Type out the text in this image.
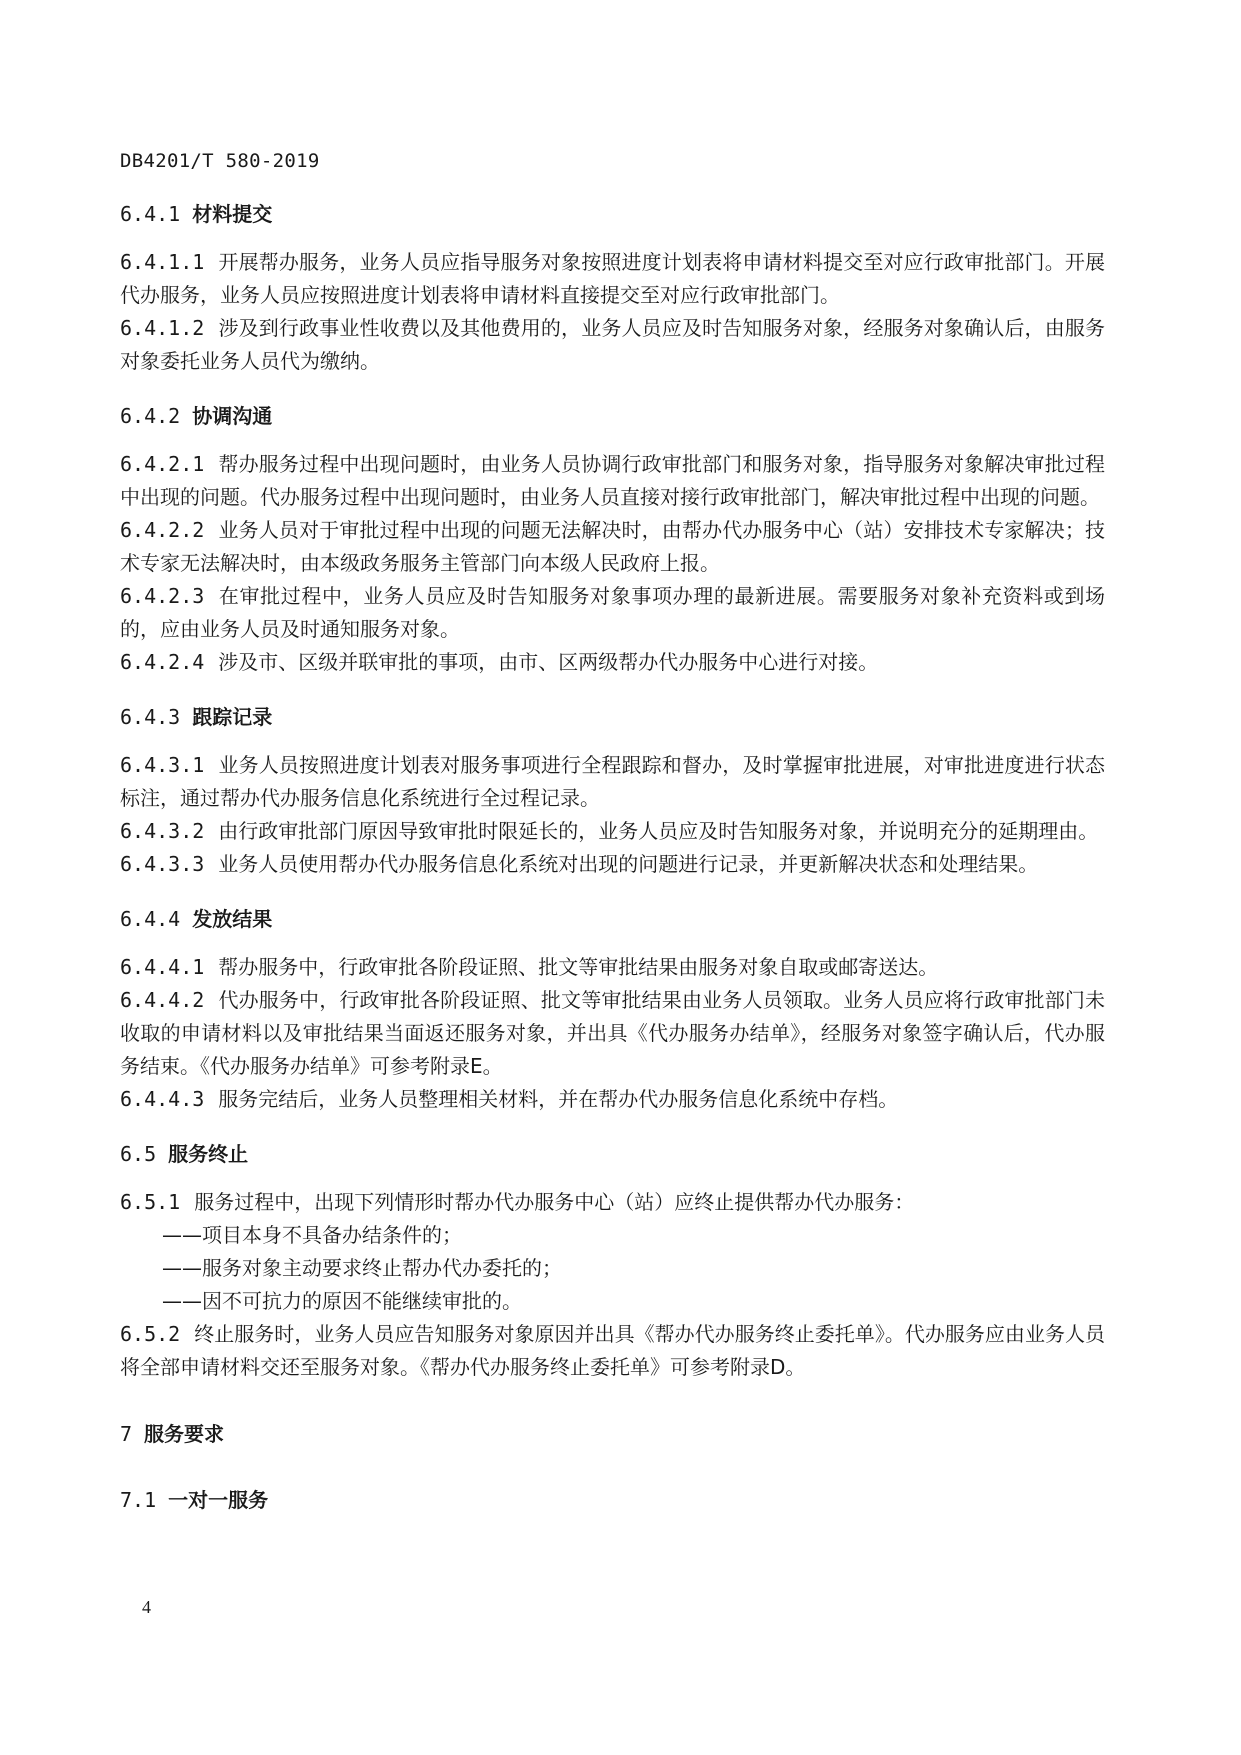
DB4201/T 580-2019
6.4.1 材料提交

6.4.1.1 开展帮办服务，业务人员应指导服务对象按照进度计划表将申请材料提交至对应行政审批部门。开展代办服务，业务人员应按照进度计划表将申请材料直接提交至对应行政审批部门。

6.4.1.2 涉及到行政事业性收费以及其他费用的，业务人员应及时告知服务对象，经服务对象确认后，由服务对象委托业务人员代为缴纳。

6.4.2 协调沟通

6.4.2.1 帮办服务过程中出现问题时，由业务人员协调行政审批部门和服务对象，指导服务对象解决审批过程中出现的问题。代办服务过程中出现问题时，由业务人员直接对接行政审批部门，解决审批过程中出现的问题。

6.4.2.2 业务人员对于审批过程中出现的问题无法解决时，由帮办代办服务中心（站）安排技术专家解决；技术专家无法解决时，由本级政务服务主管部门向本级人民政府上报。

6.4.2.3 在审批过程中，业务人员应及时告知服务对象事项办理的最新进展。需要服务对象补充资料或到场的，应由业务人员及时通知服务对象。

6.4.2.4 涉及市、区级并联审批的事项，由市、区两级帮办代办服务中心进行对接。

6.4.3 跟踪记录

6.4.3.1 业务人员按照进度计划表对服务事项进行全程跟踪和督办，及时掌握审批进展，对审批进度进行状态标注，通过帮办代办服务信息化系统进行全过程记录。

6.4.3.2 由行政审批部门原因导致审批时限延长的，业务人员应及时告知服务对象，并说明充分的延期理由。

6.4.3.3 业务人员使用帮办代办服务信息化系统对出现的问题进行记录，并更新解决状态和处理结果。

6.4.4 发放结果

6.4.4.1 帮办服务中，行政审批各阶段证照、批文等审批结果由服务对象自取或邮寄送达。

6.4.4.2 代办服务中，行政审批各阶段证照、批文等审批结果由业务人员领取。业务人员应将行政审批部门未收取的申请材料以及审批结果当面返还服务对象，并出具《代办服务办结单》，经服务对象签字确认后，代办服务结束。《代办服务办结单》可参考附录E。

6.4.4.3 服务完结后，业务人员整理相关材料，并在帮办代办服务信息化系统中存档。

6.5 服务终止

6.5.1 服务过程中，出现下列情形时帮办代办服务中心（站）应终止提供帮办代办服务：

——项目本身不具备办结条件的；

——服务对象主动要求终止帮办代办委托的；

——因不可抗力的原因不能继续审批的。

6.5.2 终止服务时，业务人员应告知服务对象原因并出具《帮办代办服务终止委托单》。代办服务应由业务人员将全部申请材料交还至服务对象。《帮办代办服务终止委托单》可参考附录D。

7 服务要求
7.1 一对一服务
4
